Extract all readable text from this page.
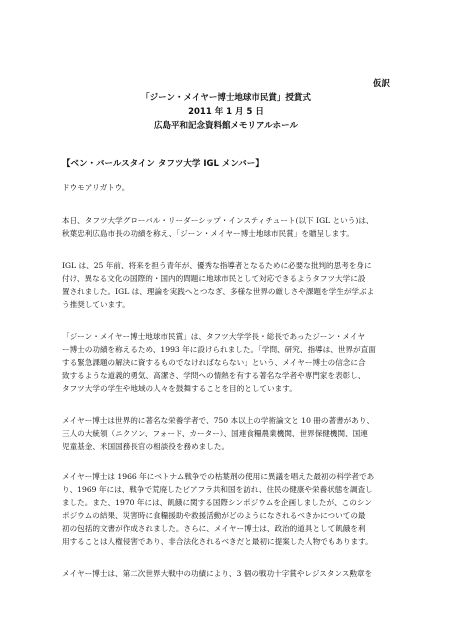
仮訳
「ジーン・メイヤー博士地球市民賞」授賞式
2011 年 1 月 5 日
広島平和記念資料館メモリアルホール
【ベン・バールスタイン タフツ大学 IGL メンバー】

ドウモアリガトウ。

本日、タフツ大学グローバル・リーダーシップ・インスティチュート(以下 IGL という)は、
秋葉忠利広島市長の功績を称え、「ジーン・メイヤー博士地球市民賞」を贈呈します。

IGL は、25 年前、将来を担う青年が、優秀な指導者となるために必要な批判的思考を身に
付け、異なる文化の国際的・国内的問題に地球市民として対応できるようタフツ大学に設
置されました。IGL は、理論を実践へとつなぎ、多様な世界の厳しさや課題を学生が学ぶよ
う推奨しています。

「ジーン・メイヤー博士地球市民賞」は、タフツ大学学長・総長であったジーン・メイヤ
ー博士の功績を称えるため、1993 年に設けられました。「学問、研究、指導は、世界が直面
する緊急課題の解決に資するものでなければならない」という、メイヤー博士の信念に合
致するような道義的勇気、高潔さ、学問への情熱を有する著名な学者や専門家を表彰し、
タフツ大学の学生や地域の人々を鼓舞することを目的としています。

メイヤー博士は世界的に著名な栄養学者で、750 本以上の学術論文と 10 冊の著書があり、
三人の大統領（ニクソン、フォード、カーター）、国連食糧農業機関、世界保健機関、国連
児童基金、米国国務長官の相談役を務めました。

メイヤー博士は 1966 年にベトナム戦争での枯葉剤の使用に異議を唱えた最初の科学者であ
り、1969 年には、戦争で荒廃したビアフラ共和国を訪れ、住民の健康や栄養状態を調査し
ました。また、1970 年には、飢餓に関する国際シンポジウムを企画しましたが、このシン
ポジウムの結果、災害時に食糧援助や救援活動がどのようになされるべきかについての最
初の包括的文書が作成されました。さらに、メイヤー博士は、政治的道具として飢餓を利
用することは人権侵害であり、非合法化されるべきだと最初に提案した人物でもあります。

メイヤー博士は、第二次世界大戦中の功績により、3 個の戦功十字賞やレジスタンス勲章を
